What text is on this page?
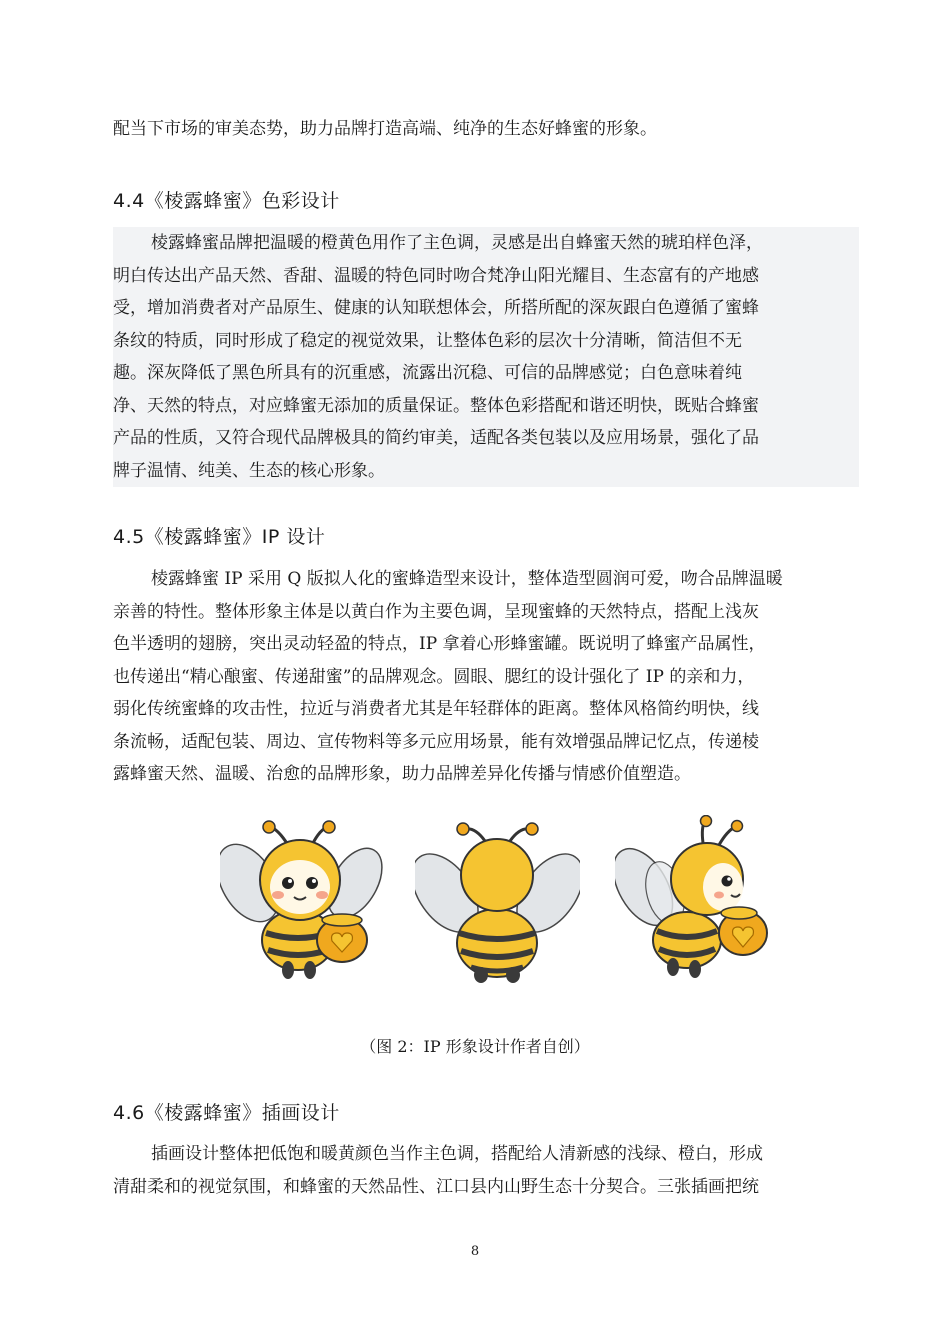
配当下市场的审美态势，助力品牌打造高端、纯净的生态好蜂蜜的形象。

4.4《棱露蜂蜜》色彩设计

棱露蜂蜜品牌把温暖的橙黄色用作了主色调，灵感是出自蜂蜜天然的琥珀样色泽，
明白传达出产品天然、香甜、温暖的特色同时吻合梵净山阳光耀目、生态富有的产地感
受，增加消费者对产品原生、健康的认知联想体会，所搭所配的深灰跟白色遵循了蜜蜂
条纹的特质，同时形成了稳定的视觉效果，让整体色彩的层次十分清晰，简洁但不无
趣。深灰降低了黑色所具有的沉重感，流露出沉稳、可信的品牌感觉；白色意味着纯
净、天然的特点，对应蜂蜜无添加的质量保证。整体色彩搭配和谐还明快，既贴合蜂蜜
产品的性质，又符合现代品牌极具的简约审美，适配各类包装以及应用场景，强化了品
牌子温情、纯美、生态的核心形象。

4.5《棱露蜂蜜》IP 设计

棱露蜂蜜 IP 采用 Q 版拟人化的蜜蜂造型来设计，整体造型圆润可爱，吻合品牌温暖
亲善的特性。整体形象主体是以黄白作为主要色调，呈现蜜蜂的天然特点，搭配上浅灰
色半透明的翅膀，突出灵动轻盈的特点，IP 拿着心形蜂蜜罐。既说明了蜂蜜产品属性，
也传递出“精心酿蜜、传递甜蜜”的品牌观念。圆眼、腮红的设计强化了 IP 的亲和力，
弱化传统蜜蜂的攻击性，拉近与消费者尤其是年轻群体的距离。整体风格简约明快，线
条流畅，适配包装、周边、宣传物料等多元应用场景，能有效增强品牌记忆点，传递棱
露蜂蜜天然、温暖、治愈的品牌形象，助力品牌差异化传播与情感价值塑造。

（图 2：IP 形象设计作者自创）

4.6《棱露蜂蜜》插画设计

插画设计整体把低饱和暖黄颜色当作主色调，搭配给人清新感的浅绿、橙白，形成
清甜柔和的视觉氛围，和蜂蜜的天然品性、江口县内山野生态十分契合。三张插画把统

8
